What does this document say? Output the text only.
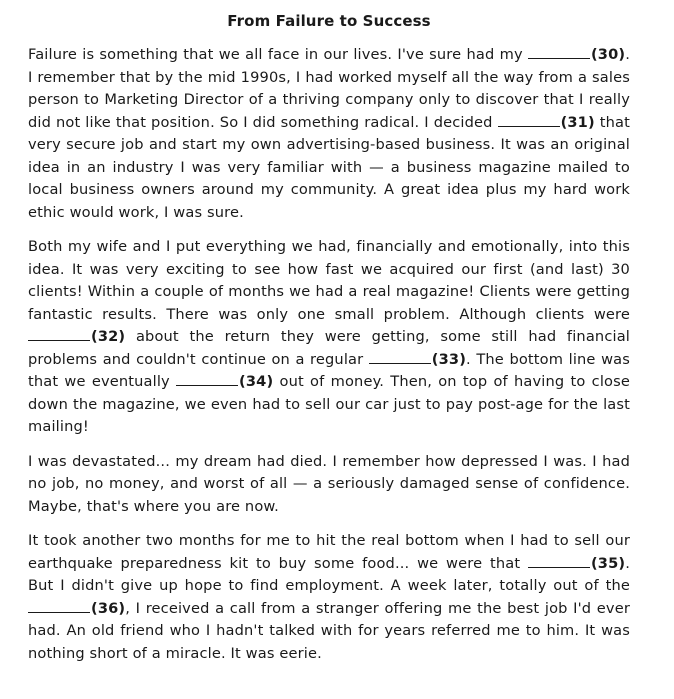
From Failure to Success

Failure is something that we all face in our lives. I've sure had my	(30). I remember that by the mid 1990s, I had worked myself all the way from a sales person to Marketing Director of a thriving company only to discover that I really did not like that position. So I did something radical. I decided	(31) that very secure job and start my own advertising-based business. It was an original idea in an industry I was very familiar with — a business magazine mailed to local business owners around my community. A great idea plus my hard work ethic would work, I was sure.

Both my wife and I put everything we had, financially and emotionally, into this idea. It was very exciting to see how fast we acquired our first (and last) 30 clients! Within a couple of months we had a real magazine! Clients were getting fantastic results. There was only one small problem. Although clients were (32) about the return they were getting, some still had financial problems and couldn't continue on a regular	(33). The bottom line was that we eventually	(34) out of money. Then, on top of having to close down the magazine, we even had to sell our car just to pay post-age for the last mailing!

I was devastated... my dream had died. I remember how depressed I was. I had no job, no money, and worst of all — a seriously damaged sense of confidence. Maybe, that's where you are now.

It took another two months for me to hit the real bottom when I had to sell our earthquake preparedness kit to buy some food... we were that	(35). But I didn't give up hope to find employment. A week later, totally out of the (36), I received a call from a stranger offering me the best job I'd ever had. An old friend who I hadn't talked with for years referred me to him. It was nothing short of a miracle. It was eerie.
